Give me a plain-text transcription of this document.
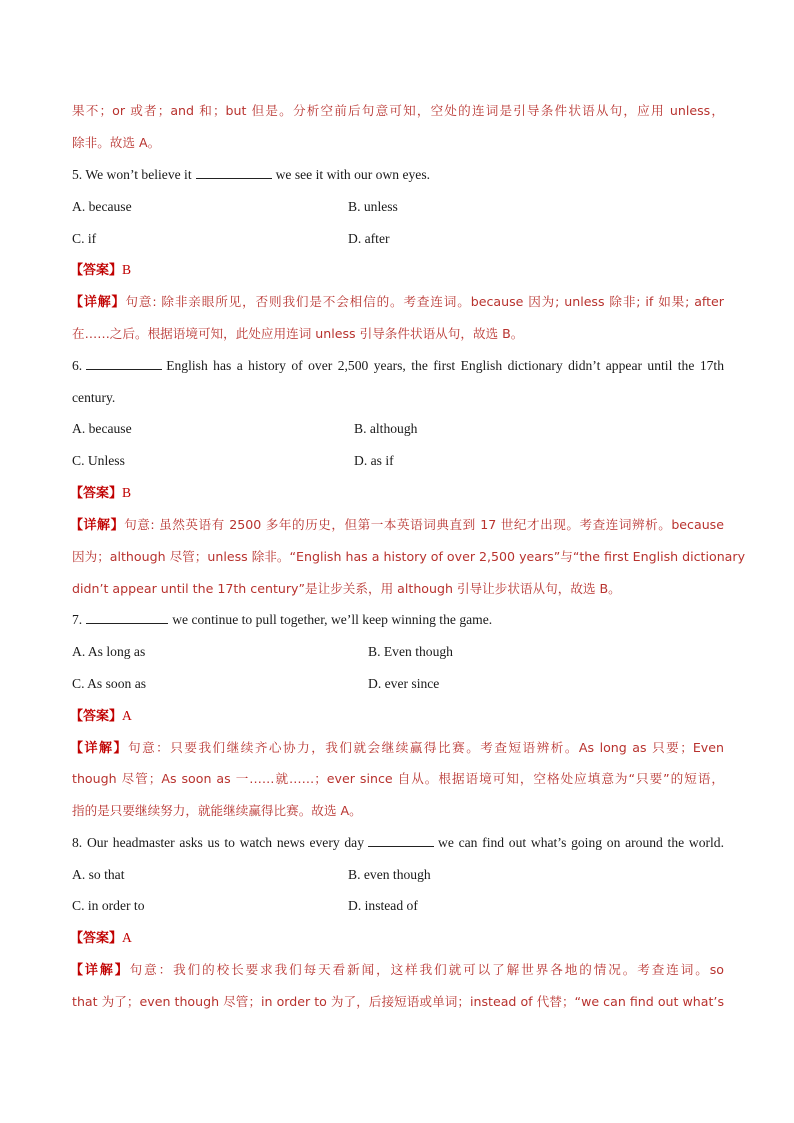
果不；or 或者；and 和；but 但是。分析空前后句意可知，空处的连词是引导条件状语从句，应用 unless，
除非。故选 A。
5. We won’t believe it	we see it with our own eyes.
A. because	B. unless
C. if	D. after
【答案】B
【详解】句意: 除非亲眼所见，否则我们是不会相信的。考查连词。because 因为; unless 除非; if 如果; after
在……之后。根据语境可知，此处应用连词 unless 引导条件状语从句，故选 B。
6.	English has a history of over 2,500 years, the first English dictionary didn’t appear until the 17th
century.
A. because	B. although
C. Unless	D. as if
【答案】B
【详解】句意: 虽然英语有 2500 多年的历史，但第一本英语词典直到 17 世纪才出现。考查连词辨析。because
因为；although 尽管；unless 除非。“English has a history of over 2,500 years”与“the first English dictionary
didn’t appear until the 17th century”是让步关系，用 although 引导让步状语从句，故选 B。
7.	we continue to pull together, we’ll keep winning the game.
A. As long as	B. Even though
C. As soon as	D. ever since
【答案】A
【详解】句意：只要我们继续齐心协力，我们就会继续赢得比赛。考查短语辨析。As long as 只要；Even
though 尽管；As soon as 一……就……；ever since 自从。根据语境可知，空格处应填意为“只要”的短语，
指的是只要继续努力，就能继续赢得比赛。故选 A。
8. Our headmaster asks us to watch news every day	we can find out what’s going on around the world.
A. so that	B. even though
C. in order to	D. instead of
【答案】A
【详解】句意：我们的校长要求我们每天看新闻，这样我们就可以了解世界各地的情况。考查连词。so
that 为了；even though 尽管；in order to 为了，后接短语或单词；instead of 代替；“we can find out what’s
